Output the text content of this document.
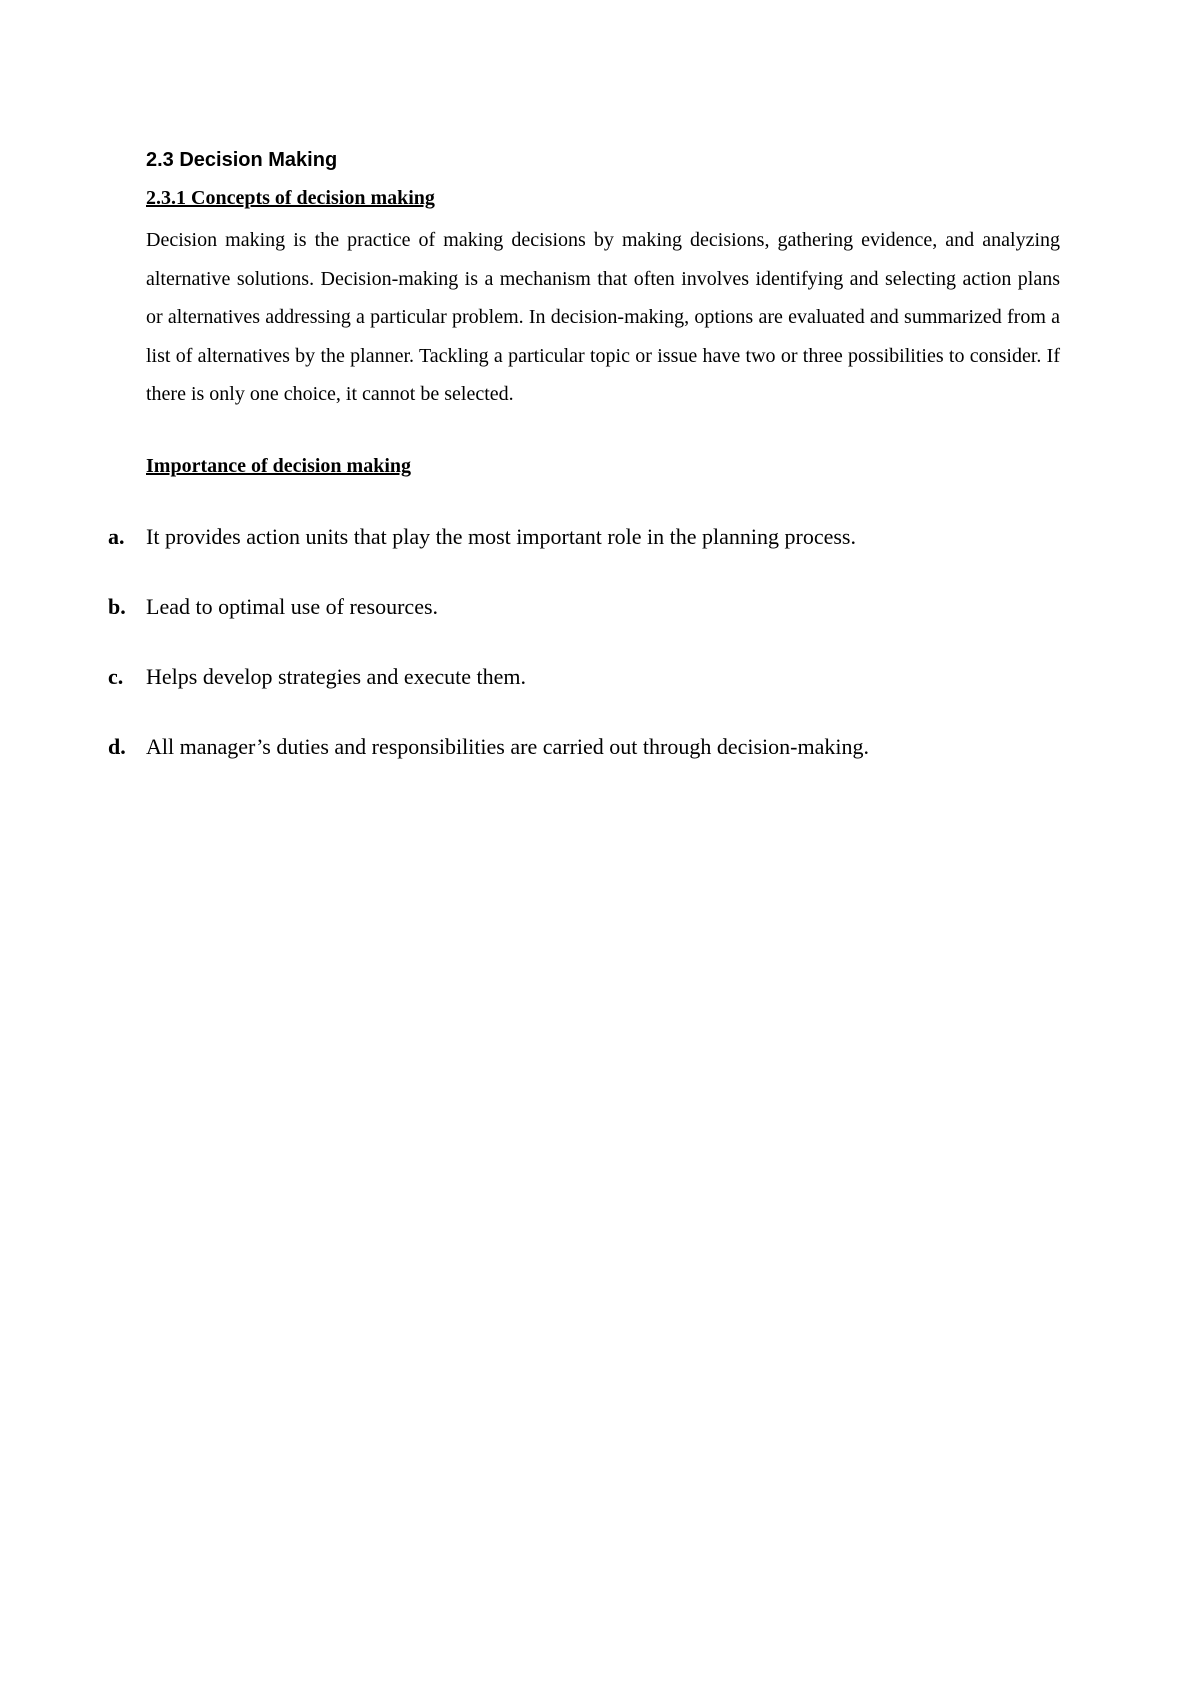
2.3 Decision Making
2.3.1 Concepts of decision making

Decision making is the practice of making decisions by making decisions, gathering evidence, and analyzing alternative solutions. Decision-making is a mechanism that often involves identifying and selecting action plans or alternatives addressing a particular problem. In decision-making, options are evaluated and summarized from a list of alternatives by the planner. Tackling a particular topic or issue have two or three possibilities to consider. If there is only one choice, it cannot be selected.

Importance of decision making
a. It provides action units that play the most important role in the planning process.
b. Lead to optimal use of resources.
c.	Helps develop strategies and execute them.
d. All manager’s duties and responsibilities are carried out through decision-making.
